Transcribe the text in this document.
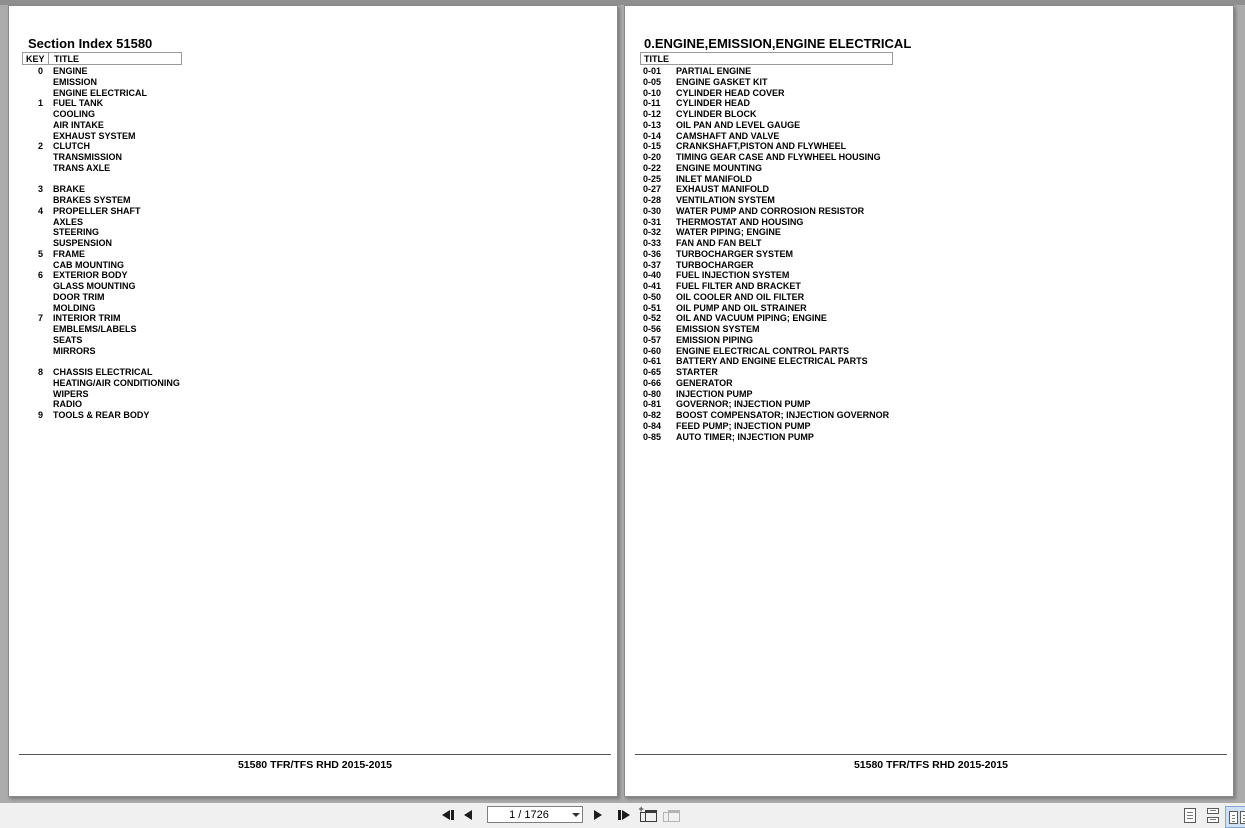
Section Index 51580
KEY	TITLE
0 ENGINE
EMISSION
ENGINE ELECTRICAL
1 FUEL TANK
COOLING
AIR INTAKE
EXHAUST SYSTEM
2 CLUTCH
TRANSMISSION
TRANS AXLE
3 BRAKE
BRAKES SYSTEM
4 PROPELLER SHAFT
AXLES
STEERING
SUSPENSION
5 FRAME
CAB MOUNTING
6 EXTERIOR BODY
GLASS MOUNTING
DOOR TRIM
MOLDING
7 INTERIOR TRIM
EMBLEMS/LABELS
SEATS
MIRRORS
8 CHASSIS ELECTRICAL
HEATING/AIR CONDITIONING
WIPERS
RADIO
9 TOOLS & REAR BODY
51580 TFR/TFS RHD 2015-2015
0.ENGINE,EMISSION,ENGINE ELECTRICAL
TITLE
0-01 PARTIAL ENGINE
0-05 ENGINE GASKET KIT
0-10 CYLINDER HEAD COVER
0-11 CYLINDER HEAD
0-12 CYLINDER BLOCK
0-13 OIL PAN AND LEVEL GAUGE
0-14 CAMSHAFT AND VALVE
0-15 CRANKSHAFT,PISTON AND FLYWHEEL
0-20 TIMING GEAR CASE AND FLYWHEEL HOUSING
0-22 ENGINE MOUNTING
0-25 INLET MANIFOLD
0-27 EXHAUST MANIFOLD
0-28 VENTILATION SYSTEM
0-30 WATER PUMP AND CORROSION RESISTOR
0-31 THERMOSTAT AND HOUSING
0-32 WATER PIPING; ENGINE
0-33 FAN AND FAN BELT
0-36 TURBOCHARGER SYSTEM
0-37 TURBOCHARGER
0-40 FUEL INJECTION SYSTEM
0-41 FUEL FILTER AND BRACKET
0-50 OIL COOLER AND OIL FILTER
0-51 OIL PUMP AND OIL STRAINER
0-52 OIL AND VACUUM PIPING; ENGINE
0-56 EMISSION SYSTEM
0-57 EMISSION PIPING
0-60 ENGINE ELECTRICAL CONTROL PARTS
0-61 BATTERY AND ENGINE ELECTRICAL PARTS
0-65 STARTER
0-66 GENERATOR
0-80 INJECTION PUMP
0-81 GOVERNOR; INJECTION PUMP
0-82 BOOST COMPENSATOR; INJECTION GOVERNOR
0-84 FEED PUMP; INJECTION PUMP
0-85 AUTO TIMER; INJECTION PUMP
51580 TFR/TFS RHD 2015-2015
1 / 1726	+
